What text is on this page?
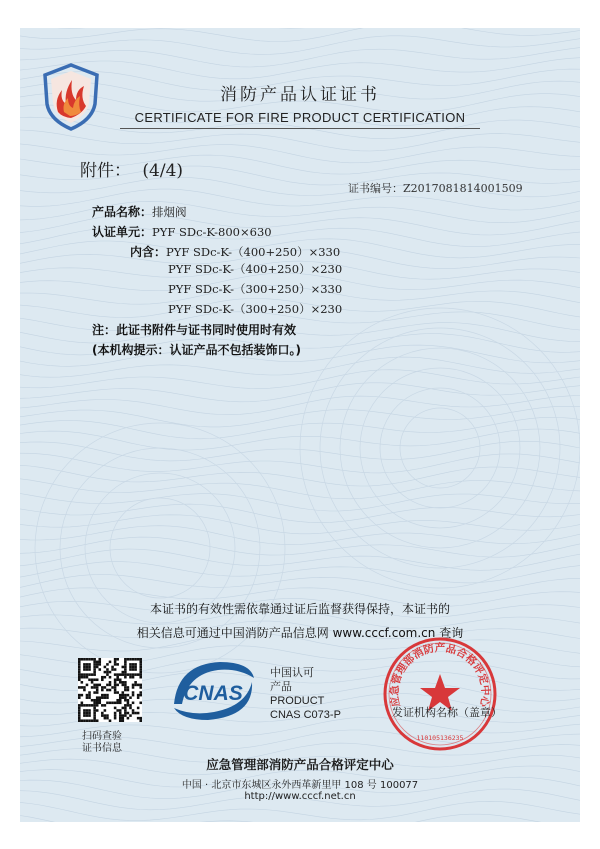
消防产品认证证书
CERTIFICATE FOR FIRE PRODUCT CERTIFICATION
附件： (4/4)
证书编号：Z2017081814001509
产品名称：排烟阀
认证单元：PYF SDc-K-800×630
内含：PYF SDc-K-（400+250）×330
PYF SDc-K-（400+250）×230
PYF SDc-K-（300+250）×330
PYF SDc-K-（300+250）×230
注：此证书附件与证书同时使用时有效
(本机构提示：认证产品不包括装饰口。)
本证书的有效性需依靠通过证后监督获得保持，本证书的
相关信息可通过中国消防产品信息网 www.cccf.com.cn 查询
扫码查验
证书信息
CNAS
中国认可
产品
PRODUCT
CNAS C073-P
应急管理部消防产品合格评定中心
110105136235
发证机构名称（盖章）
应急管理部消防产品合格评定中心
中国 · 北京市东城区永外西革新里甲 108 号 100077
http://www.cccf.net.cn
